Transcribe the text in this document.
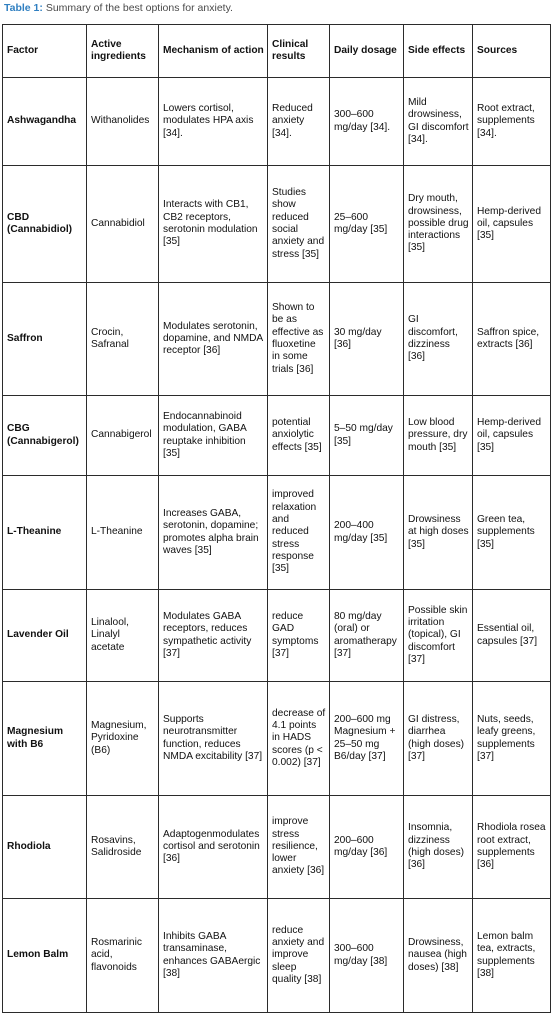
Table 1: Summary of the best options for anxiety.
Factor	Active ingredients	Mechanism of action	Clinical results	Daily dosage	Side effects	Sources
Ashwagandha	Withanolides	Lowers cortisol, modulates HPA axis [34].	Reduced anxiety [34].	300–600 mg/day [34].	Mild drowsiness, GI discomfort [34].	Root extract, supplements [34].
CBD (Cannabidiol)	Cannabidiol	Interacts with CB1, CB2 receptors, serotonin modulation [35]	Studies show reduced social anxiety and stress [35]	25–600 mg/day [35]	Dry mouth, drowsiness, possible drug interactions [35]	Hemp-derived oil, capsules [35]
Saffron	Crocin, Safranal	Modulates serotonin, dopamine, and NMDA receptor [36]	Shown to be as effective as fluoxetine in some trials [36]	30 mg/day [36]	GI discomfort, dizziness [36]	Saffron spice, extracts [36]
CBG (Cannabigerol)	Cannabigerol	Endocannabinoid modulation, GABA reuptake inhibition [35]	potential anxiolytic effects [35]	5–50 mg/day [35]	Low blood pressure, dry mouth [35]	Hemp-derived oil, capsules [35]
L-Theanine	L-Theanine	Increases GABA, serotonin, dopamine; promotes alpha brain waves [35]	improved relaxation and reduced stress response [35]	200–400 mg/day [35]	Drowsiness at high doses [35]	Green tea, supplements [35]
Lavender Oil	Linalool, Linalyl acetate	Modulates GABA receptors, reduces sympathetic activity [37]	reduce GAD symptoms [37]	80 mg/day (oral) or aromatherapy [37]	Possible skin irritation (topical), GI discomfort [37]	Essential oil, capsules [37]
Magnesium with B6	Magnesium, Pyridoxine (B6)	Supports neurotransmitter function, reduces NMDA excitability [37]	decrease of 4.1 points in HADS scores (p < 0.002) [37]	200–600 mg Magnesium + 25–50 mg B6/day [37]	GI distress, diarrhea (high doses) [37]	Nuts, seeds, leafy greens, supplements [37]
Rhodiola	Rosavins, Salidroside	Adaptogenmodulates cortisol and serotonin [36]	improve stress resilience, lower anxiety [36]	200–600 mg/day [36]	Insomnia, dizziness (high doses) [36]	Rhodiola rosea root extract, supplements [36]
Lemon Balm	Rosmarinic acid, flavonoids	Inhibits GABA transaminase, enhances GABAergic [38]	reduce anxiety and improve sleep quality [38]	300–600 mg/day [38]	Drowsiness, nausea (high doses) [38]	Lemon balm tea, extracts, supplements [38]
